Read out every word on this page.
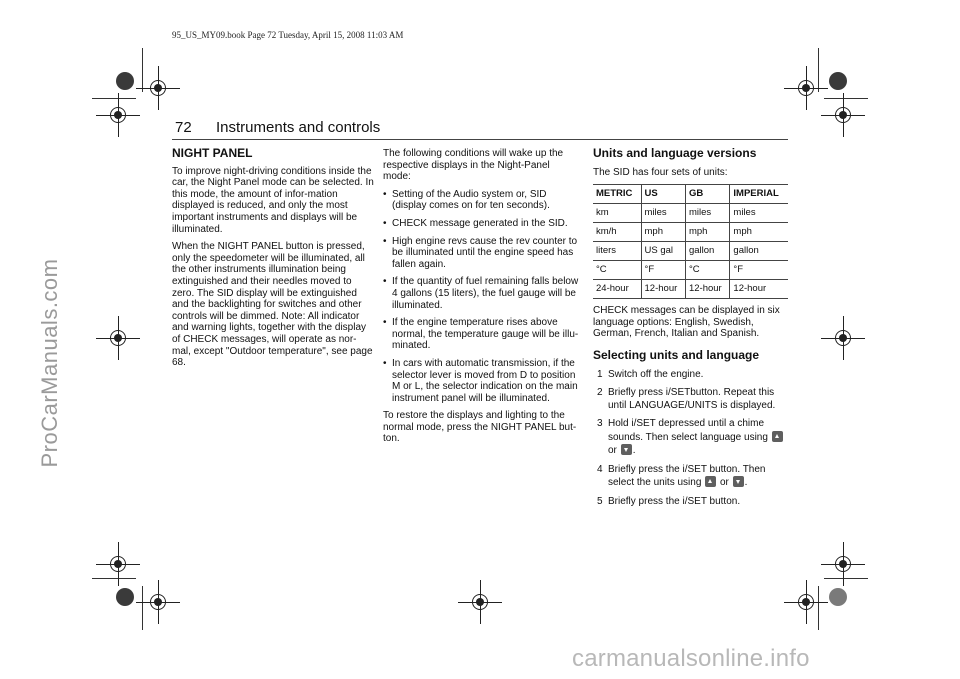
95_US_MY09.book Page 72 Tuesday, April 15, 2008 11:03 AM
72 Instruments and controls
ProCarManuals.com
carmanualsonline.info
NIGHT PANEL

To improve night-driving conditions inside the car, the Night Panel mode can be selected. In this mode, the amount of infor-mation displayed is reduced, and only the most important instruments and displays will be illuminated.

When the NIGHT PANEL button is pressed, only the speedometer will be illuminated, all the other instruments illumination being extinguished and their needles moved to zero. The SID display will be extinguished and the backlighting for switches and other controls will be dimmed. Note: All indicator and warning lights, together with the display of CHECK messages, will operate as nor-mal, except "Outdoor temperature", see page 68.

The following conditions will wake up the respective displays in the Night-Panel mode:

• Setting of the Audio system or, SID (display comes on for ten seconds).
• CHECK message generated in the SID.
• High engine revs cause the rev counter to be illuminated until the engine speed has fallen again.
• If the quantity of fuel remaining falls below 4 gallons (15 liters), the fuel gauge will be illuminated.
• If the engine temperature rises above normal, the temperature gauge will be illu-minated.
• In cars with automatic transmission, if the selector lever is moved from D to position M or L, the selector indication on the main instrument panel will be illuminated.

To restore the displays and lighting to the normal mode, press the NIGHT PANEL but-ton.

Units and language versions

The SID has four sets of units:

METRIC	US	GB	IMPERIAL
km	miles	miles	miles
km/h	mph	mph	mph
liters	US gal	gallon	gallon
°C	°F	°C	°F
24-hour	12-hour	12-hour	12-hour

CHECK messages can be displayed in six language options: English, Swedish, German, French, Italian and Spanish.

Selecting units and language
1 Switch off the engine.
2 Briefly press i/SETbutton. Repeat this until LANGUAGE/UNITS is displayed.
3 Hold i/SET depressed until a chime sounds. Then select language using  or .
4 Briefly press the i/SET button. Then select the units using or .
5 Briefly press the i/SET button.
